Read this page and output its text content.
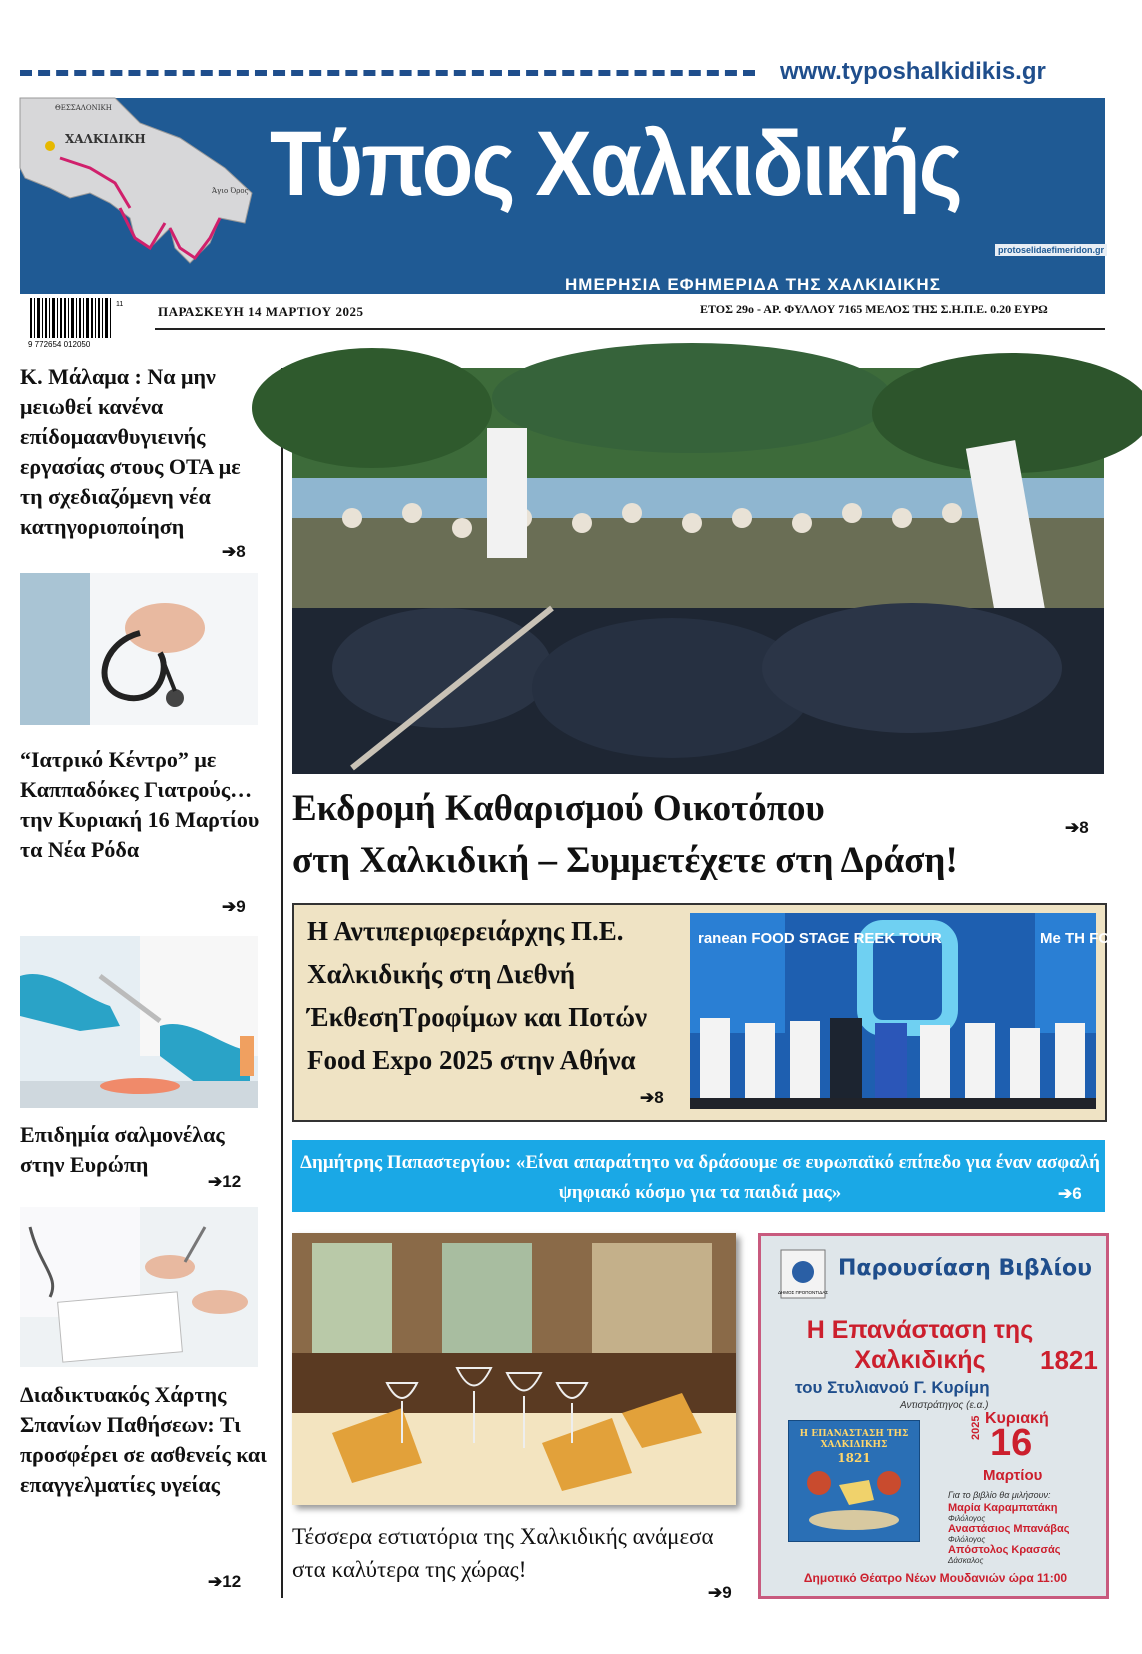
www.typoshalkidikis.gr
ΘΕΣΣΑΛΟΝΙΚΗ
ΧΑΛΚΙΔΙΚΗ
Άγιο Όρος Τύπος Χαλκιδικής
protoselidaefimeridon.gr
ΗΜΕΡΗΣΙΑ ΕΦΗΜΕΡΙΔΑ ΤΗΣ ΧΑΛΚΙΔΙΚΗΣ
9 772654 012050
11	ΠΑΡΑΣΚΕΥΗ 14 ΜΑΡΤΙΟΥ 2025	ΕΤΟΣ 29ο - ΑΡ. ΦΥΛΛΟΥ 7165 ΜΕΛΟΣ ΤΗΣ Σ.Η.Π.Ε. 0.20 ΕΥΡΩ
Κ. Μάλαμα : Να μην μειωθεί κανένα επίδομαανθυγιεινής εργασίας στους ΟΤΑ με τη σχεδιαζόμενη νέα κατηγοριοποίηση
➔8
“Ιατρικό Κέντρο” με Καππαδόκες Γιατρούς… την Κυριακή 16 Μαρτίου τα Νέα Ρόδα
➔9
Επιδημία σαλμονέλας στην Ευρώπη
➔12
Διαδικτυακός Χάρτης Σπανίων Παθήσεων: Τι προσφέρει σε ασθενείς και επαγγελματίες υγείας
➔12
Εκδρομή Καθαρισμού Οικοτόπου
στη Χαλκιδική – Συμμετέχετε στη Δράση!
➔8
Η Αντιπεριφερειάρχης Π.Ε. Χαλκιδικής στη Διεθνή ΈκθεσηΤροφίμων και Ποτών Food Expo 2025 στην Αθήνα
➔8
ranean FOOD STAGE REEK TOUR	Me TH FO
Δημήτρης Παπαστεργίου: «Είναι απαραίτητο να δράσουμε σε ευρωπαϊκό επίπεδο για έναν ασφαλή ψηφιακό κόσμο για τα παιδιά μας»	➔6
Τέσσερα εστιατόρια της Χαλκιδικής ανάμεσα στα καλύτερα της χώρας!
➔9
ΔΗΜΟΣ ΠΡΟΠΟΝΤΙΔΑΣ
Παρουσίαση Βιβλίου
Η Επανάσταση της Χαλκιδικής	1821
του Στυλιανού Γ. Κυρίμη
Αντιστράτηγος (ε.α.)
Η ΕΠΑΝΑΣΤΑΣΗ ΤΗΣ ΧΑΛΚΙΔΙΚΗΣ
1821
Κυριακή
2025 16
Μαρτίου
Για το βιβλίο θα μιλήσουν:
Μαρία Καραμπατάκη
Φιλόλογος
Αναστάσιος Μπανάβας
Φιλόλογος
Απόστολος Κρασσάς
Δάσκαλος
Δημοτικό Θέατρο Νέων Μουδανιών ώρα 11:00
